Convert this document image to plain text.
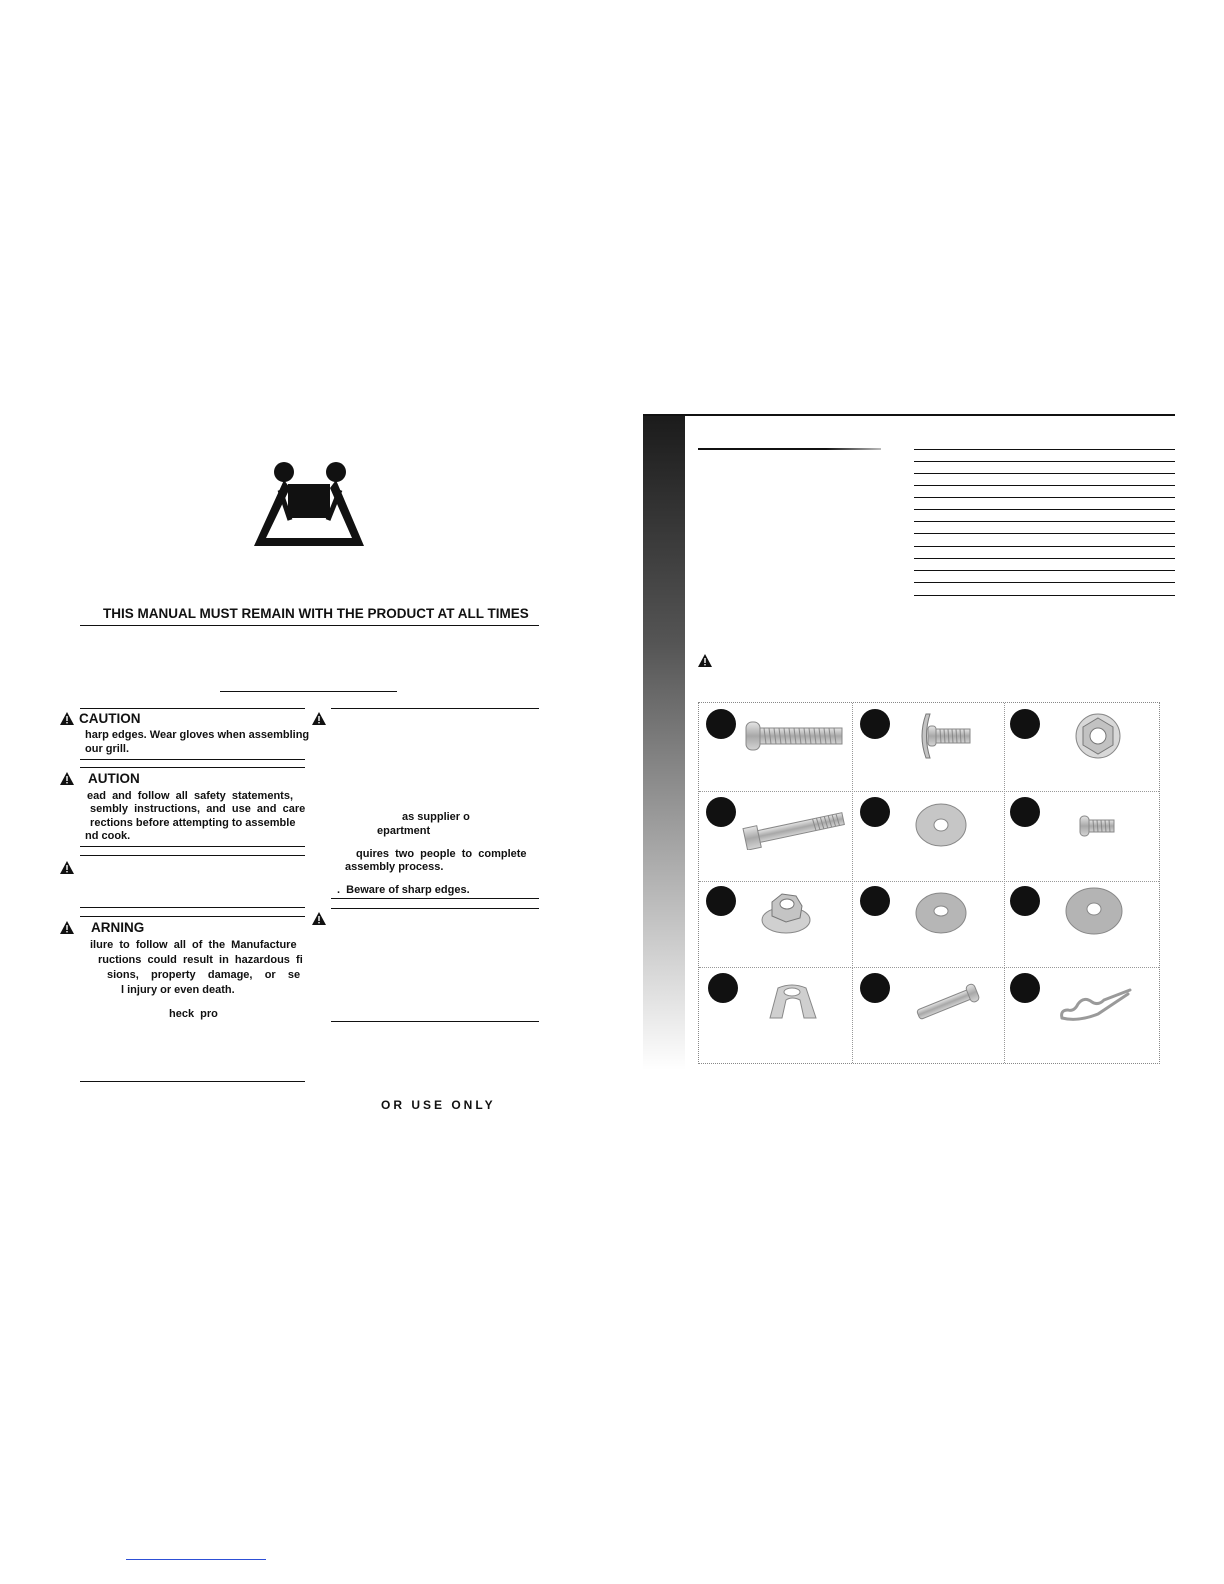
THIS MANUAL MUST REMAIN WITH THE PRODUCT AT ALL TIMES
CAUTION
harp edges. Wear gloves when assembling
our grill.
AUTION
ead  and  follow  all  safety  statements,
sembly  instructions,  and  use  and  care
rections before attempting to assemble
nd cook.
ARNING
ilure  to  follow  all  of  the  Manufacture
ructions  could  result  in  hazardous  fi
sions,    property    damage,    or    se
l injury or even death.
heck  pro
as supplier o
epartment
quires  two  people  to  complete
assembly process.
.  Beware of sharp edges.
OR USE ONLY
